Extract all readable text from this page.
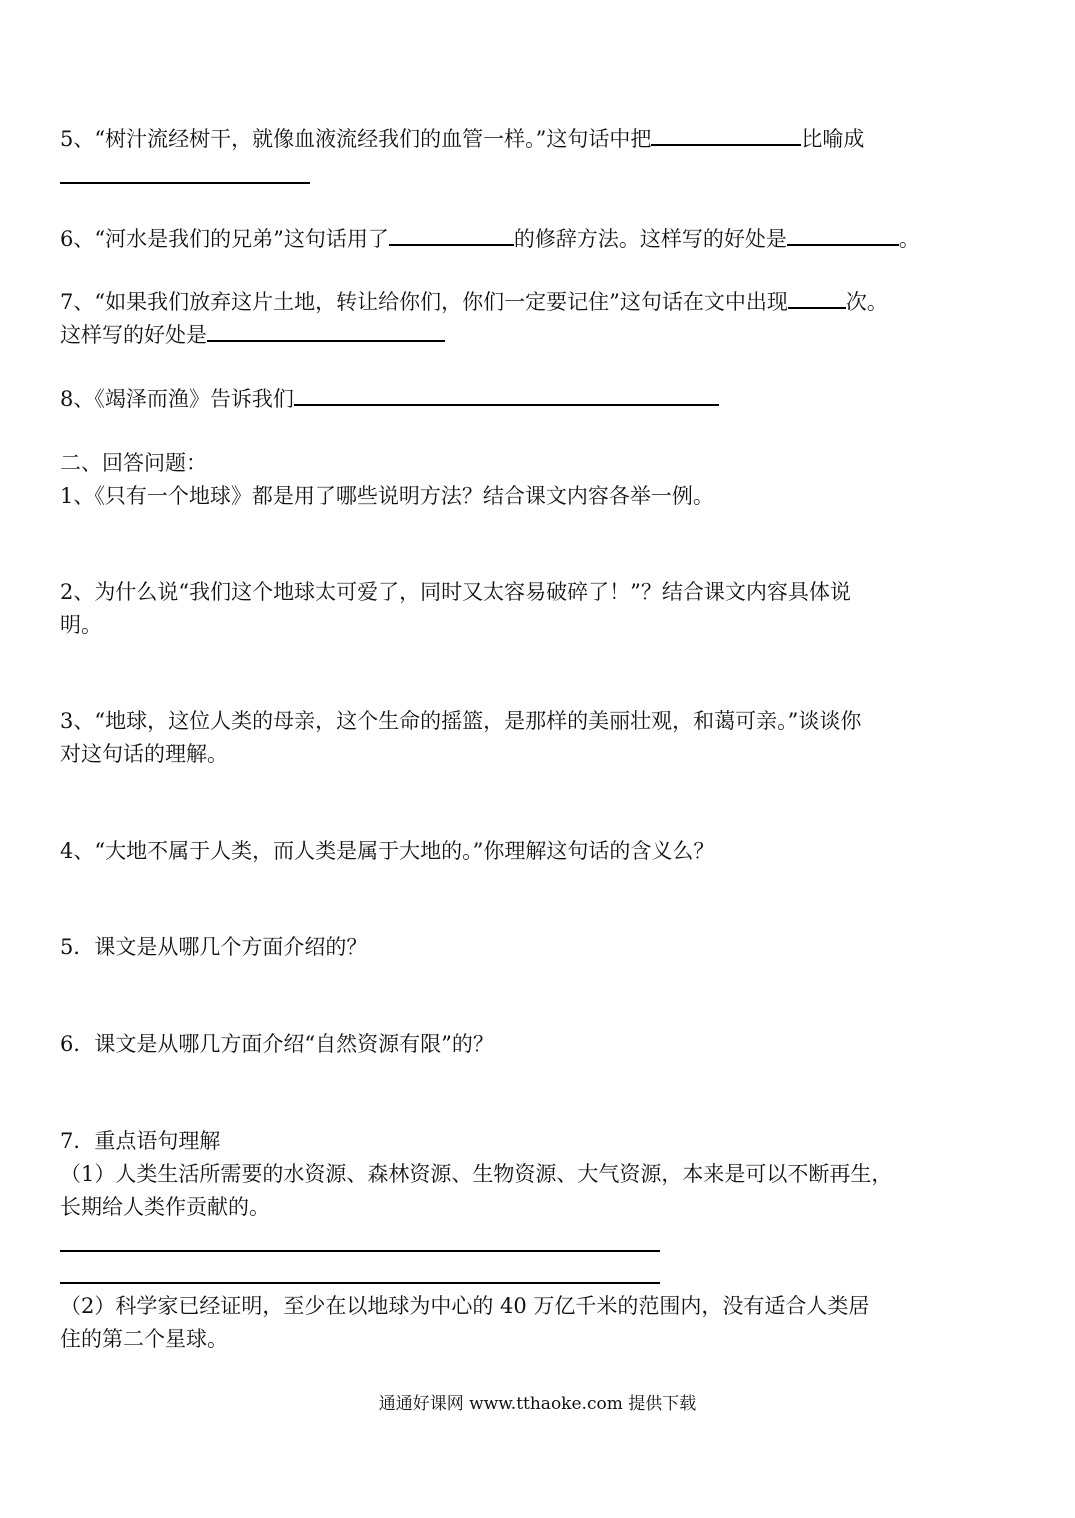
5、“树汁流经树干，就像血液流经我们的血管一样。”这句话中把	比喻成
6、“河水是我们的兄弟”这句话用了	的修辞方法。这样写的好处是	。
7、“如果我们放弃这片土地，转让给你们，你们一定要记住”这句话在文中出现	次。
这样写的好处是
8、《竭泽而渔》告诉我们
二、回答问题：
1、《只有一个地球》都是用了哪些说明方法？结合课文内容各举一例。
2、为什么说“我们这个地球太可爱了，同时又太容易破碎了！”？结合课文内容具体说
明。
3、“地球，这位人类的母亲，这个生命的摇篮，是那样的美丽壮观，和蔼可亲。”谈谈你
对这句话的理解。
4、“大地不属于人类，而人类是属于大地的。”你理解这句话的含义么？
5．课文是从哪几个方面介绍的？
6．课文是从哪几方面介绍“自然资源有限”的？
7．重点语句理解
（1）人类生活所需要的水资源、森林资源、生物资源、大气资源，本来是可以不断再生，
长期给人类作贡献的。
（2）科学家已经证明，至少在以地球为中心的 40 万亿千米的范围内，没有适合人类居
住的第二个星球。
通通好课网 www.tthaoke.com 提供下载
